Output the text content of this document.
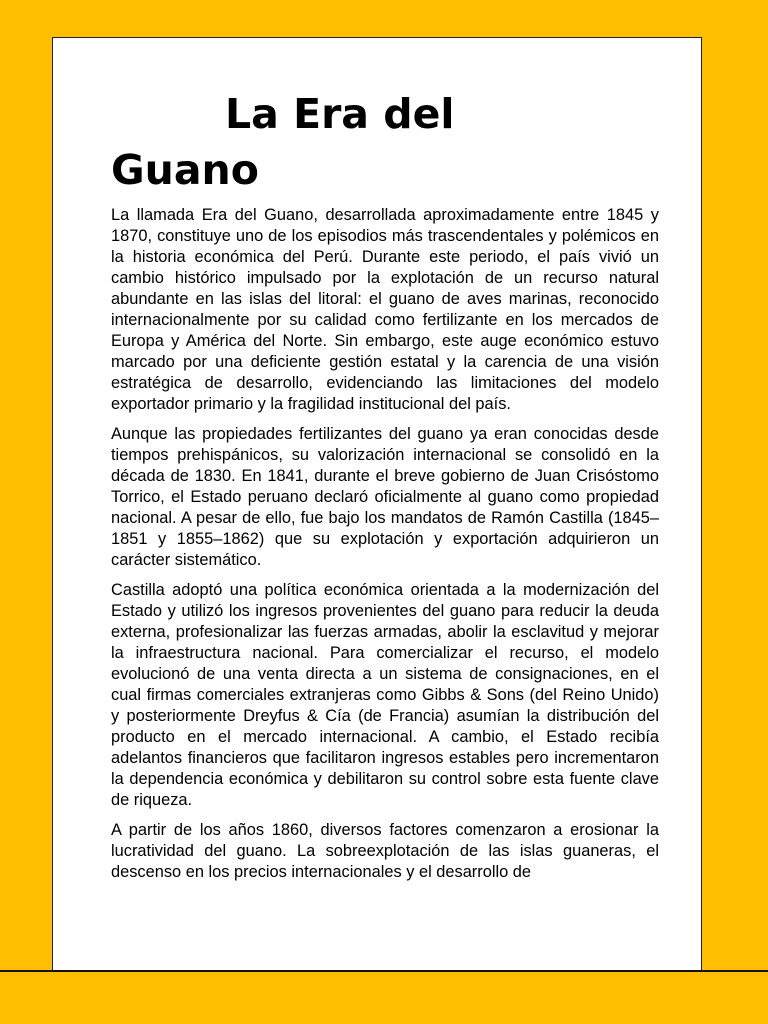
La Era del Guano

La llamada Era del Guano, desarrollada aproximadamente entre 1845 y 1870, constituye uno de los episodios más trascendentales y polémicos en la historia económica del Perú. Durante este periodo, el país vivió un cambio histórico impulsado por la explotación de un recurso natural abundante en las islas del litoral: el guano de aves marinas, reconocido internacionalmente por su calidad como fertilizante en los mercados de Europa y América del Norte. Sin embargo, este auge económico estuvo marcado por una deficiente gestión estatal y la carencia de una visión estratégica de desarrollo, evidenciando las limitaciones del modelo exportador primario y la fragilidad institucional del país.

Aunque las propiedades fertilizantes del guano ya eran conocidas desde tiempos prehispánicos, su valorización internacional se consolidó en la década de 1830. En 1841, durante el breve gobierno de Juan Crisóstomo Torrico, el Estado peruano declaró oficialmente al guano como propiedad nacional. A pesar de ello, fue bajo los mandatos de Ramón Castilla (1845–1851 y 1855–1862) que su explotación y exportación adquirieron un carácter sistemático.

Castilla adoptó una política económica orientada a la modernización del Estado y utilizó los ingresos provenientes del guano para reducir la deuda externa, profesionalizar las fuerzas armadas, abolir la esclavitud y mejorar la infraestructura nacional. Para comercializar el recurso, el modelo evolucionó de una venta directa a un sistema de consignaciones, en el cual firmas comerciales extranjeras como Gibbs & Sons (del Reino Unido) y posteriormente Dreyfus & Cía (de Francia) asumían la distribución del producto en el mercado internacional. A cambio, el Estado recibía adelantos financieros que facilitaron ingresos estables pero incrementaron la dependencia económica y debilitaron su control sobre esta fuente clave de riqueza.

A partir de los años 1860, diversos factores comenzaron a erosionar la lucratividad del guano. La sobreexplotación de las islas guaneras, el descenso en los precios internacionales y el desarrollo de
